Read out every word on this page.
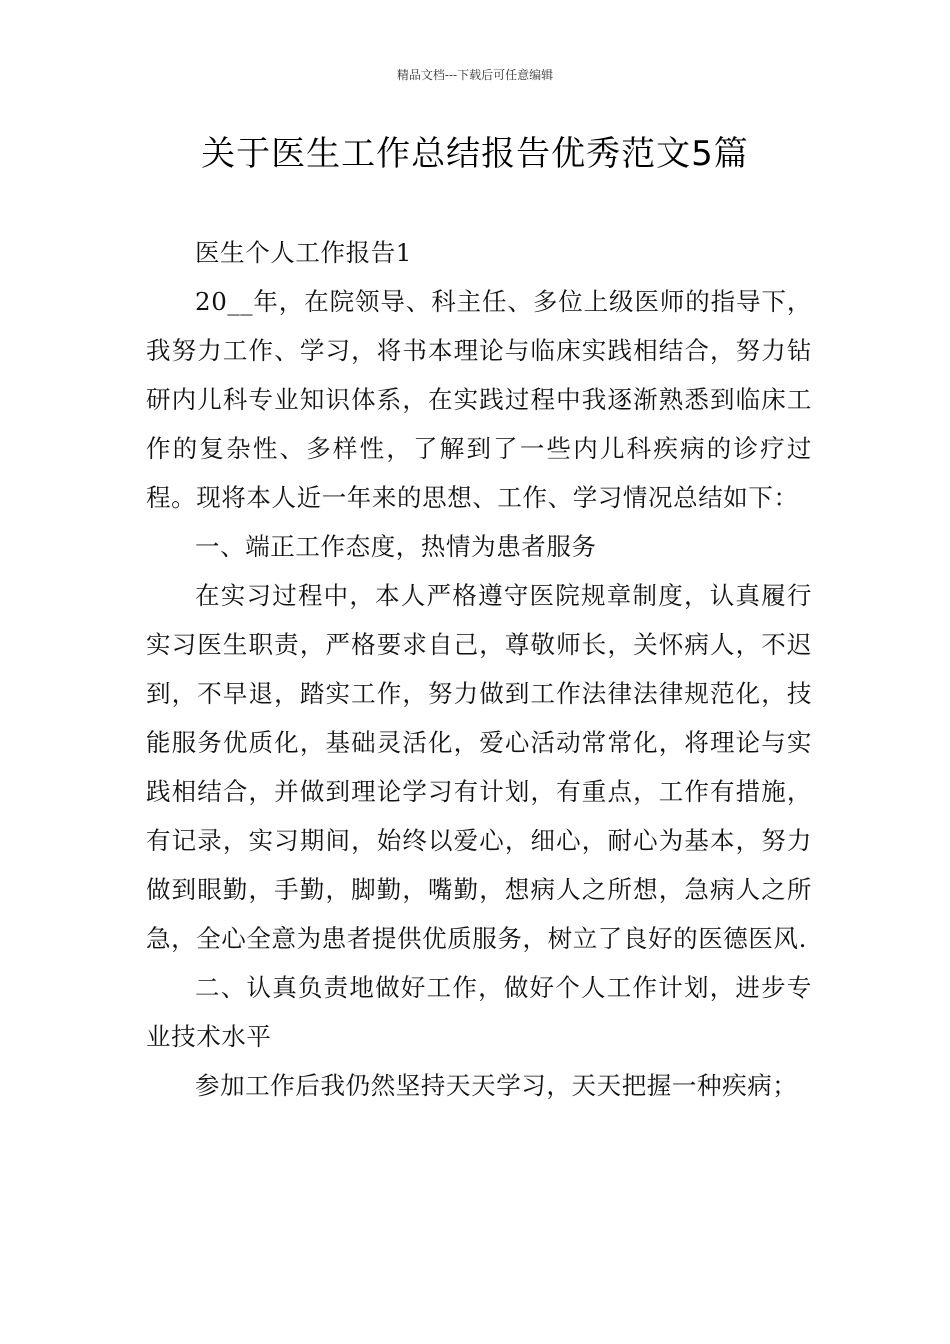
精品文档---下载后可任意编辑
关于医生工作总结报告优秀范文5篇

医生个人工作报告1

20__年，在院领导、科主任、多位上级医师的指导下，我努力工作、学习，将书本理论与临床实践相结合，努力钻研内儿科专业知识体系，在实践过程中我逐渐熟悉到临床工作的复杂性、多样性，了解到了一些内儿科疾病的诊疗过程。现将本人近一年来的思想、工作、学习情况总结如下：

一、端正工作态度，热情为患者服务

在实习过程中，本人严格遵守医院规章制度，认真履行实习医生职责，严格要求自己，尊敬师长，关怀病人，不迟到，不早退，踏实工作，努力做到工作法律法律规范化，技能服务优质化，基础灵活化，爱心活动常常化，将理论与实践相结合，并做到理论学习有计划，有重点，工作有措施，有记录，实习期间，始终以爱心，细心，耐心为基本，努力做到眼勤，手勤，脚勤，嘴勤，想病人之所想，急病人之所急，全心全意为患者提供优质服务，树立了良好的医德医风.

二、认真负责地做好工作，做好个人工作计划，进步专业技术水平

参加工作后我仍然坚持天天学习，天天把握一种疾病；
